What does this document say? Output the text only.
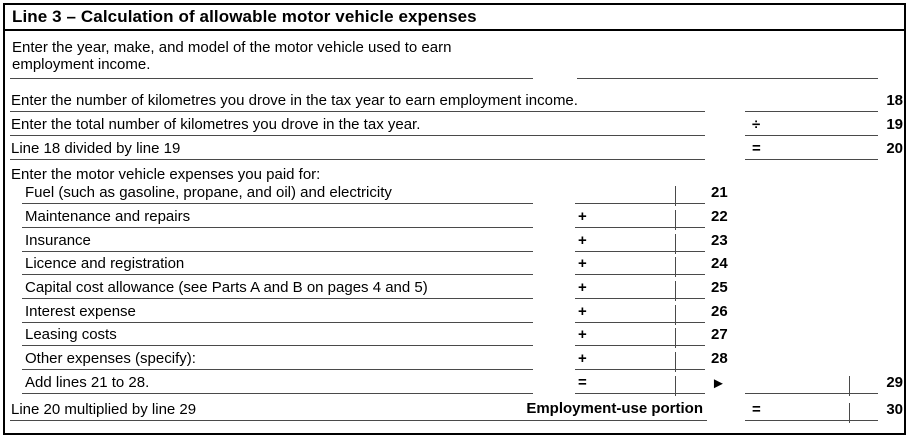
Line 3 – Calculation of allowable motor vehicle expenses
Enter the year, make, and model of the motor vehicle used to earn
employment income.
Enter the number of kilometres you drove in the tax year to earn employment income.	18
Enter the total number of kilometres you drove in the tax year.	÷	19
Line 18 divided by line 19	=	20
Enter the motor vehicle expenses you paid for:
Fuel (such as gasoline, propane, and oil) and electricity	21
Maintenance and repairs	+	22
Insurance	+	23
Licence and registration	+	24
Capital cost allowance (see Parts A and B on pages 4 and 5)	+	25
Interest expense	+	26
Leasing costs	+	27
Other expenses (specify):	+	28
Add lines 21 to 28.	=	►	29
Line 20 multiplied by line 29	Employment-use portion	=	30
